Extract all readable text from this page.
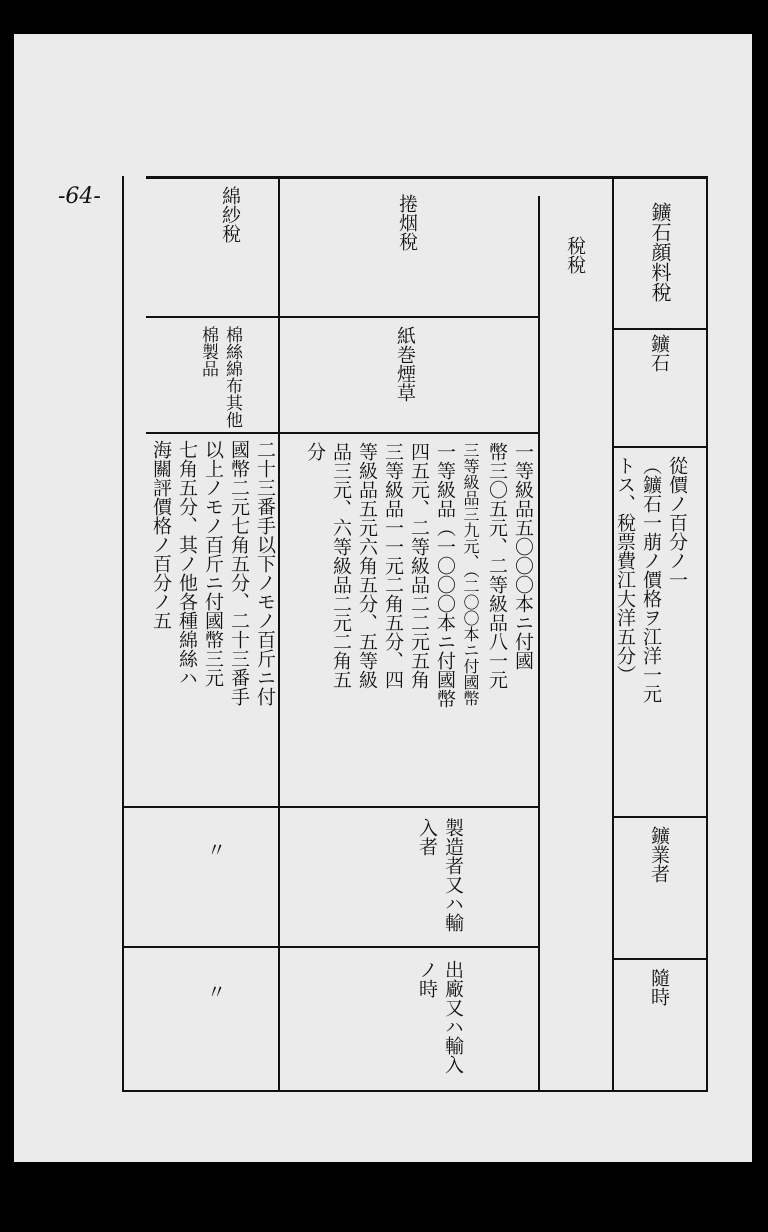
-64-
鑛石顔料稅
鑛石
從價ノ百分ノ一
（鑛石一萠ノ價格ヲ江洋一元
トス、稅票費江大洋五分）
鑛業者
隨時
稅稅
捲烟稅
紙巻煙草
一等級品五〇〇〇本ニ付國
幣三〇五元、二等級品八一元
三等級品三九元、（二〇〇本ニ付國幣
一等級品（一〇〇〇本ニ付國幣
四五元、二等級品二二元五角
三等級品一一元二角五分、四
等級品五元六角五分、五等級
品三元、六等級品二元二角五
分
製造者又ハ輸入者
出廠又ハ輸入ノ時
綿紗稅
棉絲綿布其他棉製品
二十三番手以下ノモノ百斤ニ付
國幣二元七角五分、二十三番手
以上ノモノ百斤ニ付國幣三元
七角五分、其ノ他各種綿絲ハ
海關評價格ノ百分ノ五
〃
〃
